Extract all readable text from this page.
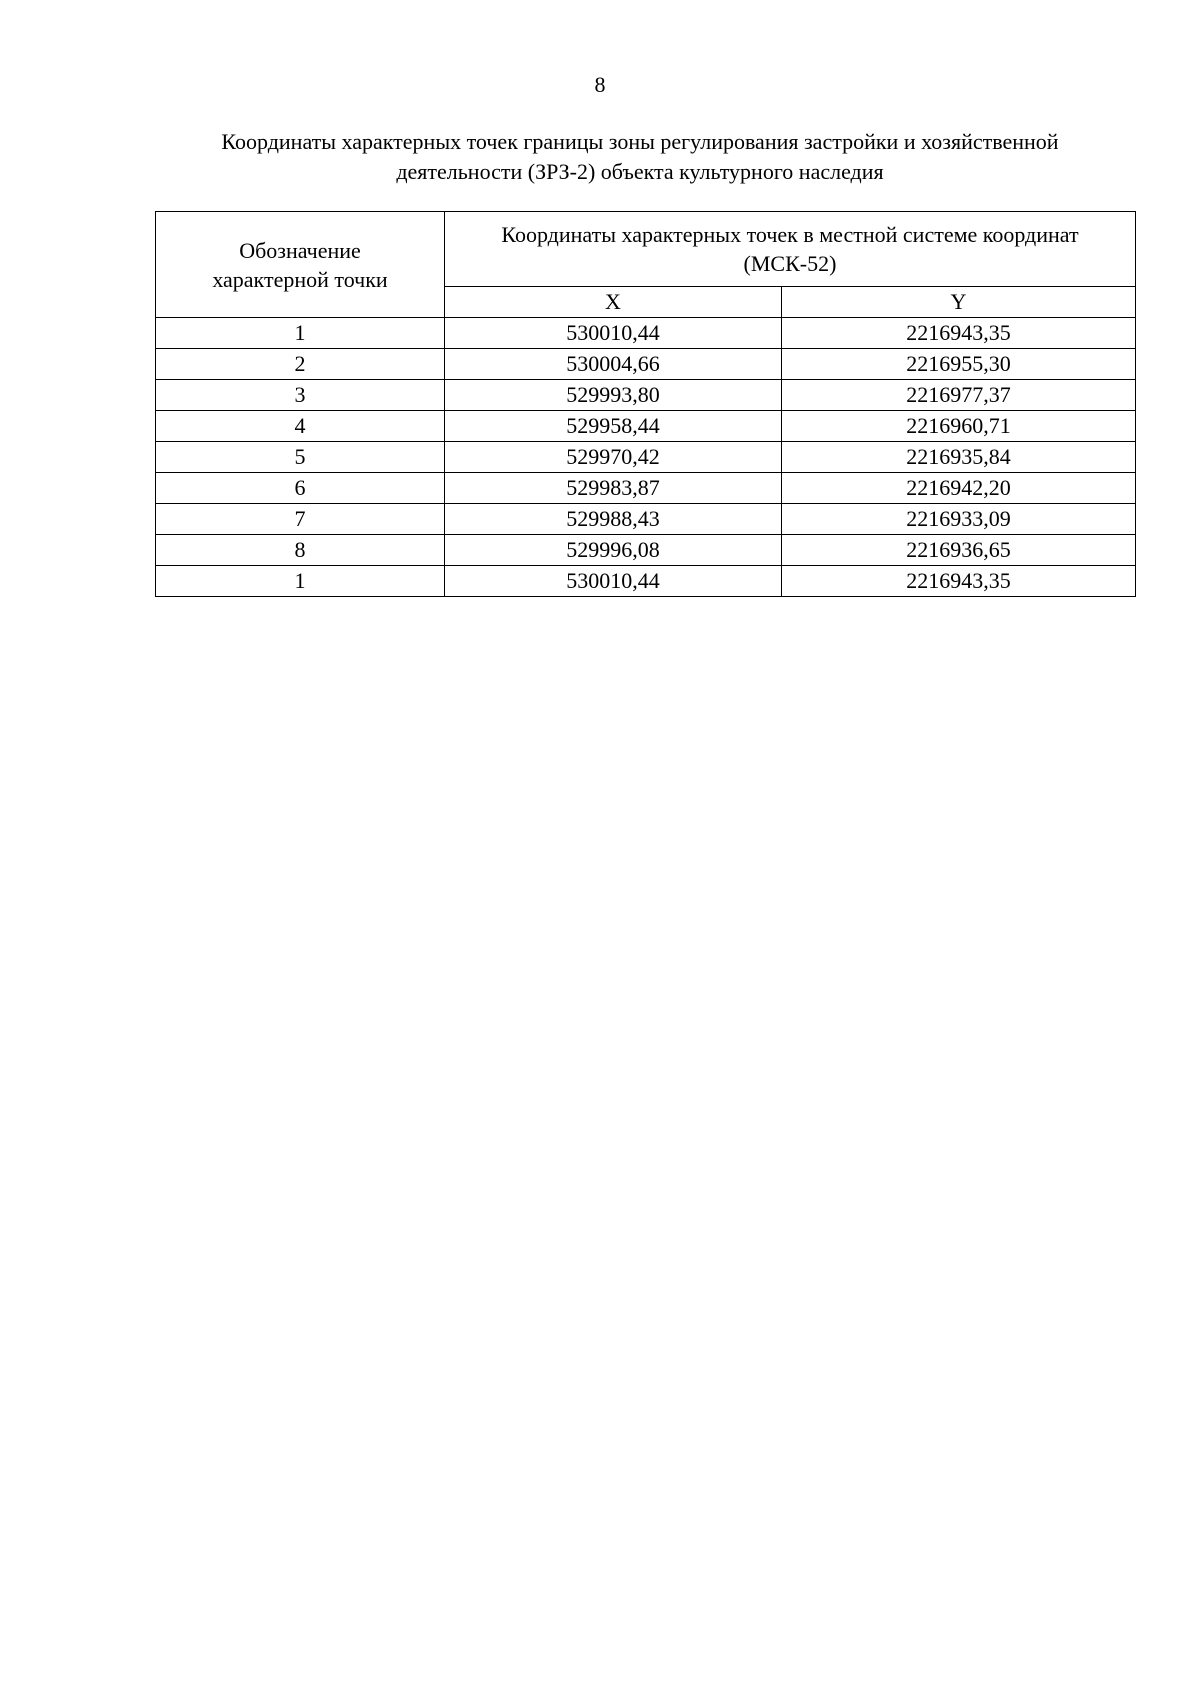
8
Координаты характерных точек границы зоны регулирования застройки и хозяйственной
деятельности (ЗРЗ-2) объекта культурного наследия
Обозначение
характерной точки	Координаты характерных точек в местной системе координат
(МСК-52)	

	X	Y
1	530010,44	2216943,35
2	530004,66	2216955,30
3	529993,80	2216977,37
4	529958,44	2216960,71
5	529970,42	2216935,84
6	529983,87	2216942,20
7	529988,43	2216933,09
8	529996,08	2216936,65
1	530010,44	2216943,35
